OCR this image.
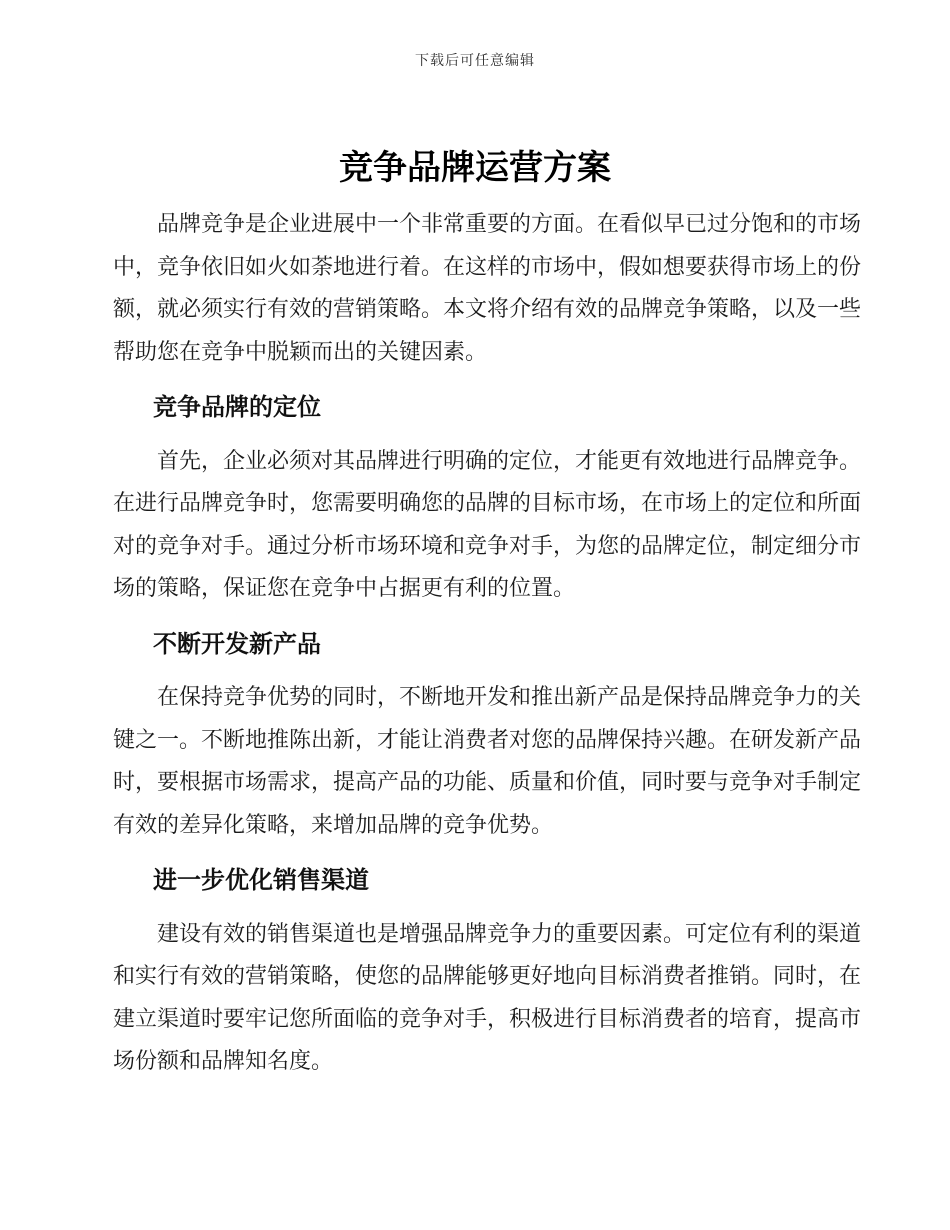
下载后可任意编辑
竞争品牌运营方案

品牌竞争是企业进展中一个非常重要的方面。在看似早已过分饱和的市场中，竞争依旧如火如荼地进行着。在这样的市场中，假如想要获得市场上的份额，就必须实行有效的营销策略。本文将介绍有效的品牌竞争策略，以及一些帮助您在竞争中脱颖而出的关键因素。

竞争品牌的定位

首先，企业必须对其品牌进行明确的定位，才能更有效地进行品牌竞争。在进行品牌竞争时，您需要明确您的品牌的目标市场，在市场上的定位和所面对的竞争对手。通过分析市场环境和竞争对手，为您的品牌定位，制定细分市场的策略，保证您在竞争中占据更有利的位置。

不断开发新产品

在保持竞争优势的同时，不断地开发和推出新产品是保持品牌竞争力的关键之一。不断地推陈出新，才能让消费者对您的品牌保持兴趣。在研发新产品时，要根据市场需求，提高产品的功能、质量和价值，同时要与竞争对手制定有效的差异化策略，来增加品牌的竞争优势。

进一步优化销售渠道

建设有效的销售渠道也是增强品牌竞争力的重要因素。可定位有利的渠道和实行有效的营销策略，使您的品牌能够更好地向目标消费者推销。同时，在建立渠道时要牢记您所面临的竞争对手，积极进行目标消费者的培育，提高市场份额和品牌知名度。
